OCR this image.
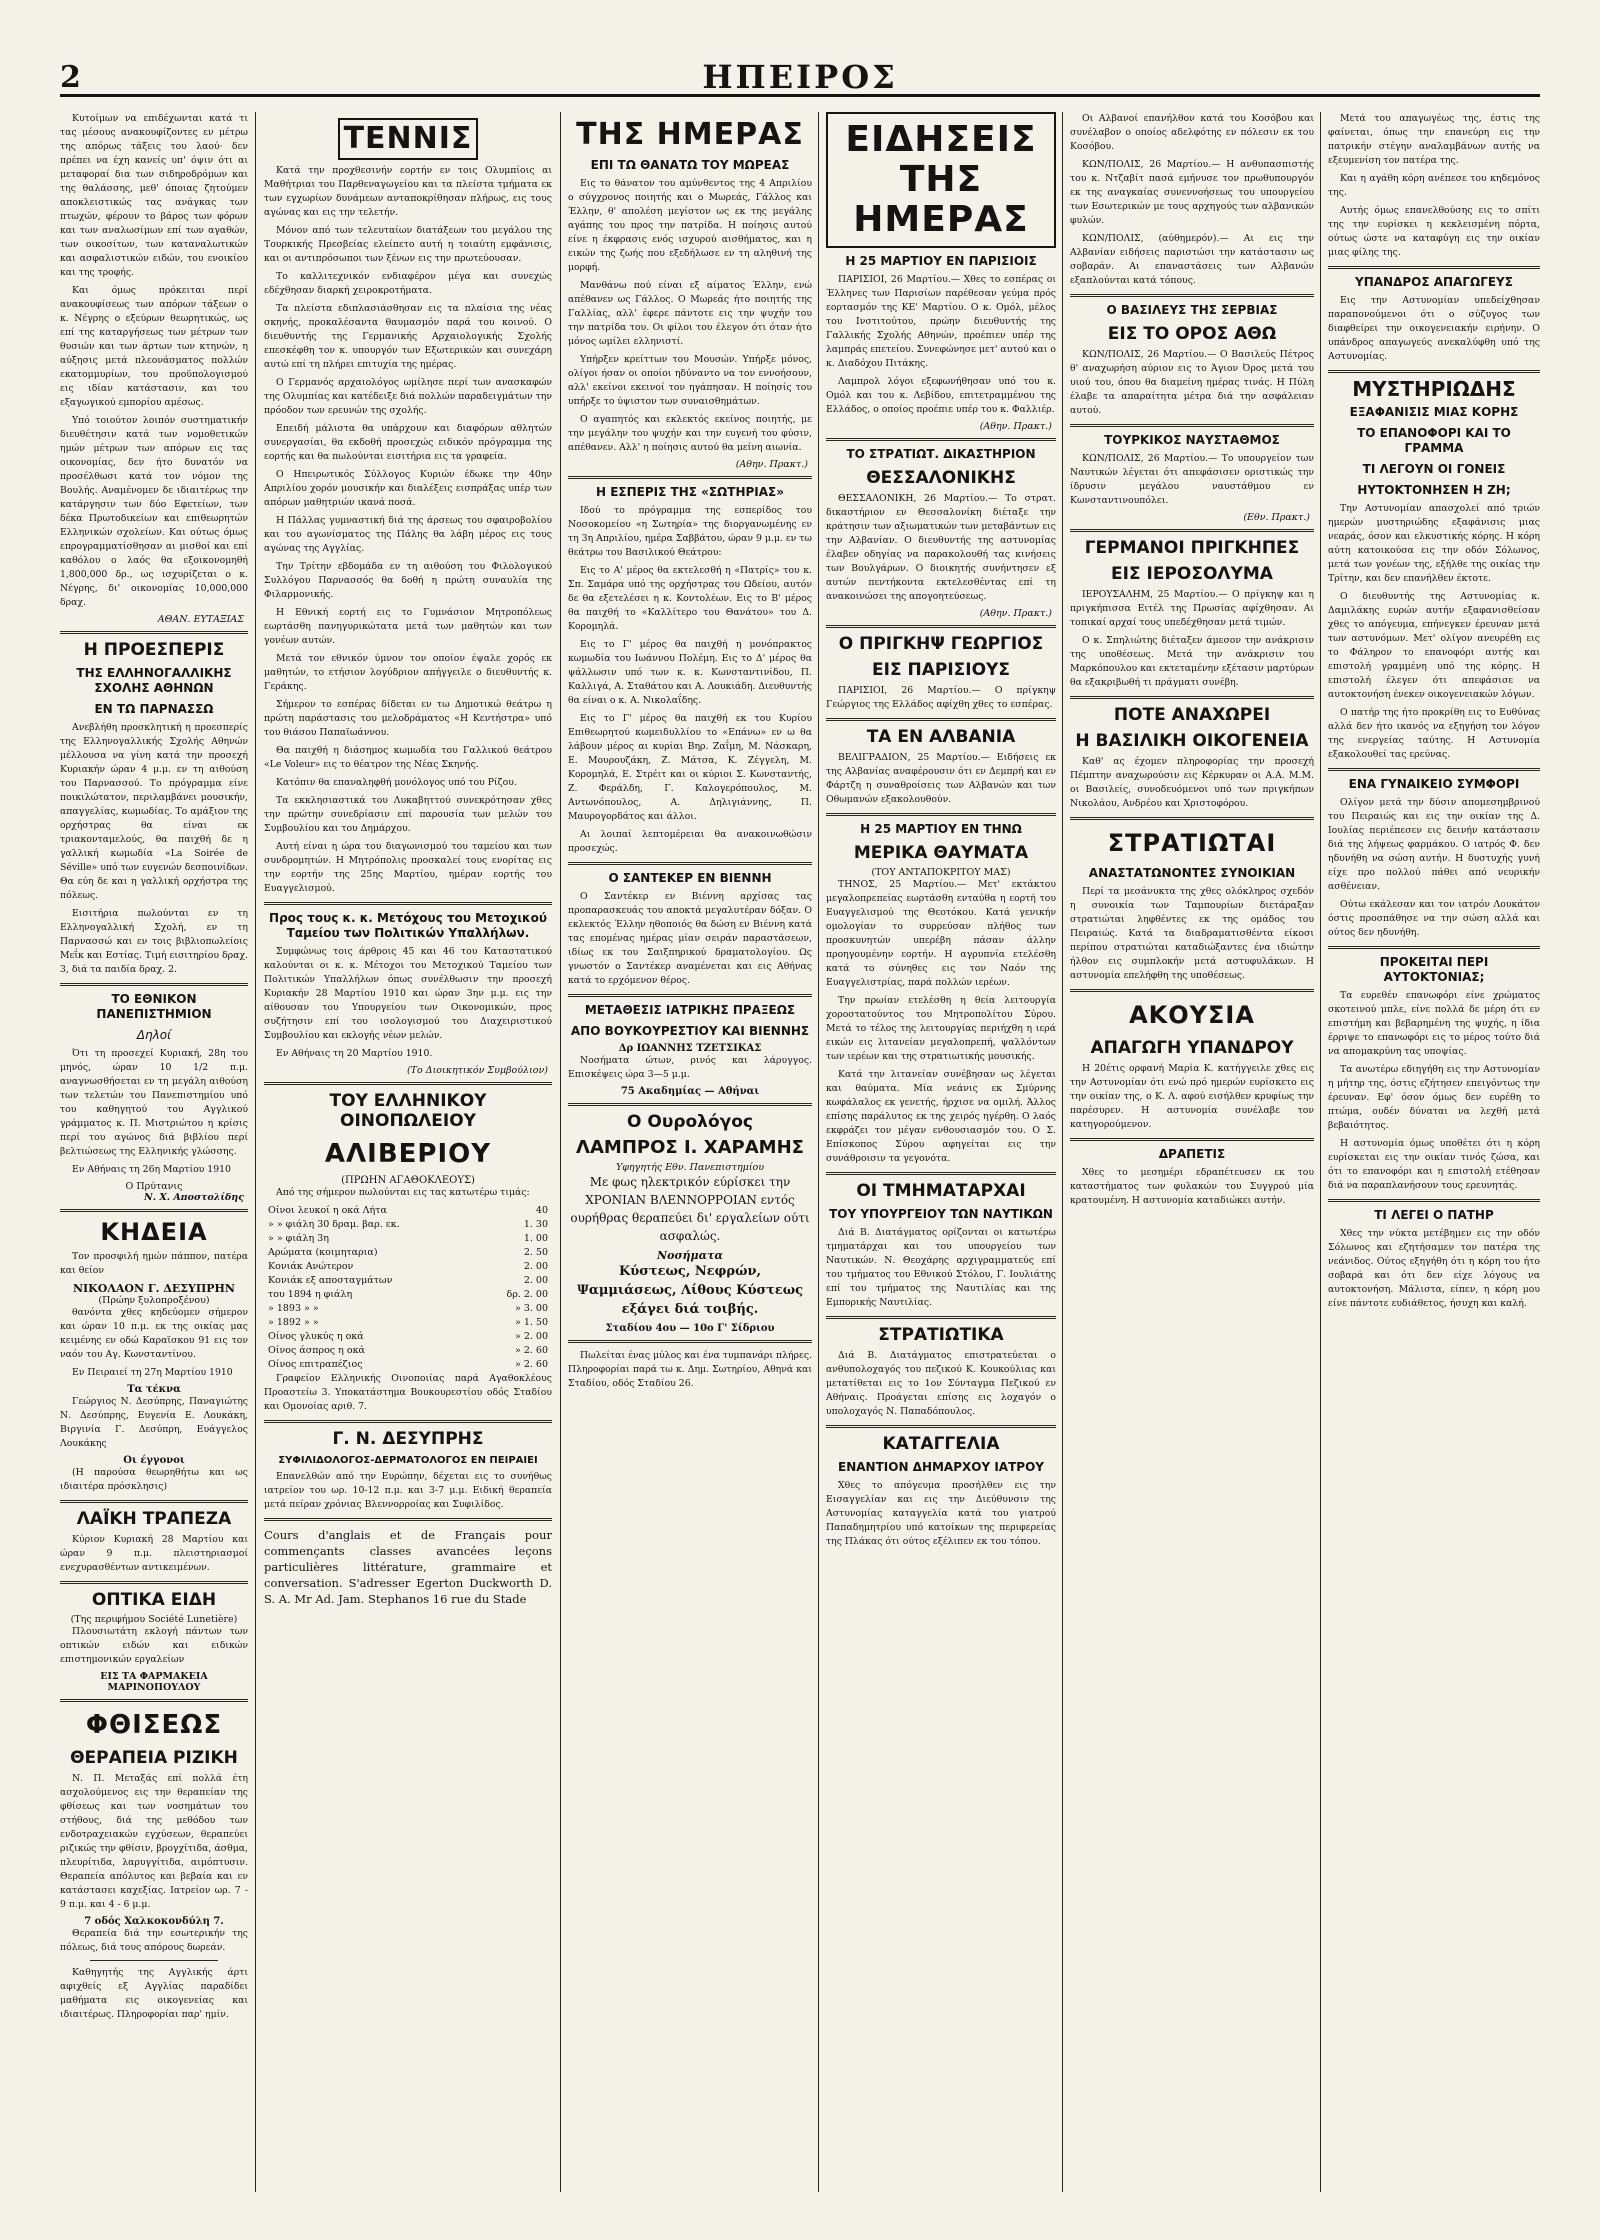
2	ΗΠΕΙΡΟΣ

Κυτοίμων να επιδέχωνται κατά τι τας μέσους ανακουφίζοντες εν μέτρω της απόρως τάξεις του λαού· δεν πρέπει να έχη κανείς υπ' όψιν ότι αι μεταφοραί δια των σιδηροδρόμων και της θαλάσσης, μεθ' όποιας ζητούμεν αποκλειστικώς τας ανάγκας των πτωχών, φέρουν το βάρος των φόρων και των αναλωσίμων επί των αγαθών, των οικοσίτων, των καταναλωτικών και ασφαλιστικών ειδών, του ενοικίου και της τροφής.

Και όμως πρόκειται περί ανακουφίσεως των απόρων τάξεων ο κ. Νέγρης ο εξεύρων θεωρητικώς, ως επί της καταργήσεως των μέτρων των θυσιών και των άρτων των κτηνών, η αύξησις μετά πλεονάσματος πολλών εκατομμυρίων, του προϋπολογισμού εις ιδίαν κατάστασιν, και του εξαγωγικού εμπορίου αμέσως.

Υπό τοιούτον λοιπόν συστηματικήν διευθέτησιν κατά των νομοθετικών ημών μέτρων των απόρων εις τας οικονομίας, δεν ήτο δυνατόν να προσέλθωσι κατά τον νόμον της Βουλής. Αναμένομεν δε ιδιαιτέρως την κατάργησιν των δύο Εφετείων, των δέκα Πρωτοδικείων και επιθεωρητών Ελληνικών σχολείων. Και ούτως όμως επρογραμματίσθησαν αι μισθοί και επί καθόλου ο λαός θα εξοικονομηθή 1,800,000 δρ., ως ισχυρίζεται ο κ. Νέγρης, δι' οικονομίας 10,000,000 δραχ.

ΑΘΑΝ. ΕΥΤΑΞΙΑΣ
Η ΠΡΟΕΣΠΕΡΙΣ
ΤΗΣ ΕΛΛΗΝΟΓΑΛΛΙΚΗΣ ΣΧΟΛΗΣ ΑΘΗΝΩΝ
ΕΝ ΤΩ ΠΑΡΝΑΣΣΩ

Ανεβλήθη προσκλητική η προεσπερίς της Ελληνογαλλικής Σχολής Αθηνών μέλλουσα να γίνη κατά την προσεχή Κυριακήν ώραν 4 μ.μ. εν τη αιθούση του Παρνασσού. Το πρόγραμμα είνε ποικιλώτατον, περιλαμβάνει μουσικήν, απαγγελίας, κωμωδίας. Το αμάξιον της ορχήστρας θα είναι εκ τριακονταμελούς, θα παιχθή δε η γαλλική κωμωδία «La Soirée de Séville» υπό των ευγενών δεσποινίδων. Θα εύη δε και η γαλλική ορχήστρα της πόλεως.

Εισιτήρια πωλούνται εν τη Ελληνογαλλική Σχολή, εν τη Παρνασσώ και εν τοις βιβλιοπωλείοις Μεΐκ και Εστίας. Τιμή εισιτηρίου δραχ. 3, διά τα παιδία δραχ. 2.

ΤΟ ΕΘΝΙΚΟΝ ΠΑΝΕΠΙΣΤΗΜΙΟΝ
Δηλοί

Ότι τη προσεχεί Κυριακή, 28η του μηνός, ώραν 10 1/2 π.μ. αναγνωσθήσεται εν τη μεγάλη αιθούση των τελετών του Πανεπιστημίου υπό του καθηγητού του Αγγλικού γράμματος κ. Π. Μιστριώτου η κρίσις περί του αγώνος διά βιβλίου περί βελτιώσεως της Ελληνικής γλώσσης.

Εν Αθήναις τη 26η Μαρτίου 1910
Ο Πρύτανις
Ν. Χ. Αποστολίδης
ΚΗΔΕΙΑ

Τον προσφιλή ημών πάππον, πατέρα και θείον

ΝΙΚΟΛΑΟΝ Γ. ΔΕΣΥΠΡΗΝ
(Πρώην ξυλοπροξένου)

θανόντα χθες κηδεύομεν σήμερον και ώραν 10 π.μ. εκ της οικίας μας κειμένης εν οδώ Καραϊσκου 91 εις τον ναόν του Αγ. Κωνσταντίνου.

Εν Πειραιεί τη 27η Μαρτίου 1910
Τα τέκνα

Γεώργιος Ν. Δεσύπρης, Παναγιώτης Ν. Δεσύπρης, Ευγενία Ε. Λουκάκη, Βιργινία Γ. Δεσύπρη, Ευάγγελος Λουκάκης

Οι έγγονοι

(Η παρούσα θεωρηθήτω και ως ιδιαιτέρα πρόσκλησις)

ΛΑΪΚΗ ΤΡΑΠΕΖΑ

Κύριον Κυριακή 28 Μαρτίου και ώραν 9 π.μ. πλειστηριασμοί ενεχυρασθέντων αντικειμένων.

ΟΠΤΙΚΑ ΕΙΔΗ
(Της περιφήμου Société Lunetière)

Πλουσιωτάτη εκλογή πάντων των οπτικών ειδών και ειδικών επιστημονικών εργαλείων

ΕΙΣ ΤΑ ΦΑΡΜΑΚΕΙΑ ΜΑΡΙΝΟΠΟΥΛΟΥ
ΦΘΙΣΕΩΣ
ΘΕΡΑΠΕΙΑ ΡΙΖΙΚΗ

Ν. Π. Μεταξάς επί πολλά έτη ασχολούμενος εις την θεραπείαν της φθίσεως και των νοσημάτων του στήθους, διά της μεθόδου των ενδοτραχειακών εγχύσεων, θεραπεύει ριζικώς την φθίσιν, βρογχίτιδα, άσθμα, πλευρίτιδα, λαρυγγίτιδα, αιμόπτυσιν. Θεραπεία απόλυτος και βεβαία και εν κατάστασει καχεξίας. Ιατρείον ωρ. 7 - 9 π.μ. και 4 - 6 μ.μ.

7 οδός Χαλκοκονδύλη 7.

Θεραπεία διά την εσωτερικήν της πόλεως, διά τους απόρους δωρεάν.

Καθηγητής της Αγγλικής άρτι αφιχθείς εξ Αγγλίας παραδίδει μαθήματα εις οικογενείας και ιδιαιτέρως. Πληροφορίαι παρ' ημίν.

ΤΕΝΝΙΣ

Κατά την προχθεσινήν εορτήν εν τοις Ολυμπίοις αι Μαθήτριαι του Παρθεναγωγείου και τα πλείστα τμήματα εκ των εγχωρίων δυνάμεων ανταποκρίθησαν πλήρως, εις τους αγώνας και εις την τελετήν.

Μόνον από των τελευταίων διατάξεων του μεγάλου της Τουρκικής Πρεσβείας ελείπετο αυτή η τοιαύτη εμφάνισις, και οι αντιπρόσωποι των ξένων εις την πρωτεύουσαν.

Το καλλιτεχνικόν ενδιαφέρον μέγα και συνεχώς εδέχθησαν διαρκή χειροκροτήματα.

Τα πλείστα εδιπλασιάσθησαν εις τα πλαίσια της νέας σκηνής, προκαλέσαντα θαυμασμόν παρά του κοινού. Ο διευθυντής της Γερμανικής Αρχαιολογικής Σχολής επεσκέφθη τον κ. υπουργόν των Εξωτερικών και συνεχάρη αυτώ επί τη πλήρει επιτυχία της ημέρας.

Ο Γερμανός αρχαιολόγος ωμίλησε περί των ανασκαφών της Ολυμπίας και κατέδειξε διά πολλών παραδειγμάτων την πρόοδον των ερευνών της σχολής.

Επειδή μάλιστα θα υπάρχουν και διαφόρων αθλητών συνεργασίαι, θα εκδοθή προσεχώς ειδικόν πρόγραμμα της εορτής και θα πωλούνται εισιτήρια εις τα γραφεία.

Ο Ηπειρωτικός Σύλλογος Κυριών έδωκε την 40ην Απριλίου χορόν μουσικήν και διαλέξεις εισπράξας υπέρ των απόρων μαθητριών ικανά ποσά.

Η Πάλλας γυμναστική διά της άρσεως του σφαιροβολίου και του αγωνίσματος της Πάλης θα λάβη μέρος εις τους αγώνας της Αγγλίας.

Την Τρίτην εβδομάδα εν τη αιθούση του Φιλολογικού Συλλόγου Παρνασσός θα δοθή η πρώτη συναυλία της Φιλαρμονικής.

Η Εθνική εορτή εις το Γυμνάσιον Μητροπόλεως εωρτάσθη πανηγυρικώτατα μετά των μαθητών και των γονέων αυτών.

Μετά τον εθνικόν ύμνον τον οποίον έψαλε χορός εκ μαθητών, το ετήσιον λογύδριον απήγγειλε ο διευθυντής κ. Γεράκης.

Σήμερον το εσπέρας δίδεται εν τω Δημοτικώ θεάτρω η πρώτη παράστασις του μελοδράματος «Η Κεντήστρα» υπό του θιάσου Παπαϊωάννου.

Θα παιχθή η διάσημος κωμωδία του Γαλλικού θεάτρου «Le Voleur» εις το θέατρον της Νέας Σκηνής.

Κατόπιν θα επαναληφθή μονόλογος υπό του Ρίζου.

Τα εκκλησιαστικά του Λυκαβηττού συνεκρότησαν χθες την πρώτην συνεδρίασιν επί παρουσία των μελών του Συμβουλίου και του Δημάρχου.

Αυτή είναι η ώρα του διαγωνισμού του ταμείου και των συνδρομητών. Η Μητρόπολις προσκαλεί τους ενορίτας εις την εορτήν της 25ης Μαρτίου, ημέραν εορτής του Ευαγγελισμού.

Προς τους κ. κ. Μετόχους του Μετοχικού Ταμείου των Πολιτικών Υπαλλήλων.

Συμφώνως τοις άρθροις 45 και 46 του Καταστατικού καλούνται οι κ. κ. Μέτοχοι του Μετοχικού Ταμείου των Πολιτικών Υπαλλήλων όπως συνέλθωσιν την προσεχή Κυριακήν 28 Μαρτίου 1910 και ώραν 3ην μ.μ. εις την αίθουσαν του Υπουργείου των Οικονομικών, προς συζήτησιν επί του ισολογισμού του Διαχειριστικού Συμβουλίου και εκλογής νέων μελών.

Εν Αθήναις τη 20 Μαρτίου 1910.
(Το Διοικητικόν Συμβούλιον)
ΤΟΥ ΕΛΛΗΝΙΚΟΥ ΟΙΝΟΠΩΛΕΙΟΥ
ΑΛΙΒΕΡΙΟΥ
(ΠΡΩΗΝ ΑΓΑΘΟΚΛΕΟΥΣ)

Από της σήμερον πωλούνται εις τας κατωτέρω τιμάς:

Οίνοι λευκοί η οκά Λήτα	40
» » φιάλη 30 δραμ. βαρ. εκ.	1. 30
» » φιάλη 3η	1. 00
Αρώματα (κοιμηταρια)	2. 50
Κονιάκ Ανώτερον	2. 00
Κονιάκ εξ αποσταγμάτων	2. 00
του 1894 η φιάλη	δρ. 2. 00
» 1893 » »	» 3. 00
» 1892 » »	» 1. 50
Οίνος γλυκύς η οκά	» 2. 00
Οίνος άσπρος η οκά	» 2. 60
Οίνος επιτραπέζιος	» 2. 60

Γραφείον Ελληνικής Οινοποιίας παρά Αγαθοκλέους Προαστείω 3. Υποκατάστημα Βουκουρεστίου οδός Σταδίου και Ομονοίας αριθ. 7.

Γ. Ν. ΔΕΣΥΠΡΗΣ
ΣΥΦΙΛΙΔΟΛΟΓΟΣ-ΔΕΡΜΑΤΟΛΟΓΟΣ ΕΝ ΠΕΙΡΑΙΕΙ

Επανελθών από την Ευρώπην, δέχεται εις το συνήθως ιατρείον του ωρ. 10-12 π.μ. και 3-7 μ.μ. Ειδική θεραπεία μετά πείραν χρόνιας Βλεννορροίας και Συφιλίδος.

Cours d'anglais et de Français pour commençants classes avancées leçons particulières littérature, grammaire et conversation. S'adresser Egerton Duckworth D. S. A. Mr Ad. Jam. Stephanos 16 rue du Stade

ΤΗΣ ΗΜΕΡΑΣ
ΕΠΙ ΤΩ ΘΑΝΑΤΩ ΤΟΥ ΜΩΡΕΑΣ

Εις το θάνατον του αμύνθεντος της 4 Απριλίου ο σύγχρονος ποιητής και ο Μωρεάς, Γάλλος και Έλλην, θ' απολέση μεγίστον ως εκ της μεγάλης αγάπης του προς την πατρίδα. Η ποίησις αυτού είνε η έκφρασις ενός ισχυρού αισθήματος, και η εικών της ζωής που εξεδήλωσε εν τη αληθινή της μορφή.

Μανθάνω πού είναι εξ αίματος Έλλην, ενώ απέθανεν ως Γάλλος. Ο Μωρεάς ήτο ποιητής της Γαλλίας, αλλ' έφερε πάντοτε εις την ψυχήν του την πατρίδα του. Οι φίλοι του έλεγον ότι όταν ήτο μόνος ωμίλει ελληνιστί.

Υπήρξεν κρείττων του Μουσών. Υπήρξε μόνος, ολίγοι ήσαν οι οποίοι ηδύναντο να τον εννοήσουν, αλλ' εκείνοι εκεινοί τον ηγάπησαν. Η ποίησίς του υπήρξε το ύψιστον των συναισθημάτων.

Ο αγαπητός και εκλεκτός εκείνος ποιητής, με την μεγάλην του ψυχήν και την ευγενή του φύσιν, απέθανεν. Αλλ' η ποίησις αυτού θα μείνη αιωνία.

(Αθην. Πρακτ.)
Η ΕΣΠΕΡΙΣ ΤΗΣ «ΣΩΤΗΡΙΑΣ»

Ιδού το πρόγραμμα της εσπερίδος του Νοσοκομείου «η Σωτηρία» της διοργανωμένης εν τη 3η Απριλίου, ημέρα Σαββάτου, ώραν 9 μ.μ. εν τω θεάτρω του Βασιλικού Θεάτρου:

Εις το Α' μέρος θα εκτελεσθή η «Πατρίς» του κ. Σπ. Σαμάρα υπό της ορχήστρας του Ωδείου, αυτόν δε θα εξετελέσει η κ. Κοντολέων. Εις το Β' μέρος θα παιχθή το «Καλλίτερο του Θανάτου» του Δ. Κορομηλά.

Εις το Γ' μέρος θα παιχθή η μονόπρακτος κωμωδία του Ιωάννου Πολέμη. Εις το Δ' μέρος θα ψάλλωσιν υπό των κ. κ. Κωνσταντινίδου, Π. Καλλιγά, Α. Σταθάτου και Α. Λουκιάδη. Διευθυντής θα είναι ο κ. Α. Νικολαΐδης.

Εις το Γ' μέρος θα παιχθή εκ του Κυρίου Επιθεωρητού κωμειδυλλίου το «Επάνω» εν ω θα λάβουν μέρος αι κυρίαι Βηρ. Ζαΐμη, Μ. Νάσκαρη, Ε. Μουρουζάκη, Ζ. Μάτσα, Κ. Ζέγγελη, Μ. Κορομηλά, Ε. Στρέιτ και οι κύριοι Σ. Κωνσταντής, Ζ. Φεράλδη, Γ. Καλογερόπουλος, Μ. Αντωνόπουλος, Α. Δηλιγιάννης, Π. Μαυρογορδάτος και άλλοι.

Αι λοιπαί λεπτομέρειαι θα ανακοινωθώσιν προσεχώς.

Ο ΣΑΝΤΕΚΕΡ ΕΝ ΒΙΕΝΝΗ

Ο Σαντέκερ εν Βιέννη αρχίσας τας προπαρασκευάς του αποκτά μεγαλυτέραν δόξαν. Ο εκλεκτός Έλλην ηθοποιός θα δώση εν Βιέννη κατά τας επομένας ημέρας μίαν σειράν παραστάσεων, ιδίως εκ του Σαιξπηρικού δραματολογίου. Ως γνωστόν ο Σαντέκερ αναμένεται και εις Αθήνας κατά το ερχόμενον θέρος.

ΜΕΤΑΘΕΣΙΣ ΙΑΤΡΙΚΗΣ ΠΡΑΞΕΩΣ
ΑΠΟ ΒΟΥΚΟΥΡΕΣΤΙΟΥ ΚΑΙ ΒΙΕΝΝΗΣ
Δρ ΙΩΑΝΝΗΣ ΤΖΕΤΣΙΚΑΣ

Νοσήματα ώτων, ρινός και λάρυγγος. Επισκέψεις ώρα 3—5 μ.μ.

75 Ακαδημίας — Αθήναι
Ο Ουρολόγος
ΛΑΜΠΡΟΣ Ι. ΧΑΡΑΜΗΣ
Υφηγητής Εθν. Πανεπιστημίου

Με φως ηλεκτρικόν εύρίσκει την ΧΡΟΝΙΑΝ ΒΛΕΝΝΟΡΡΟΙΑΝ εντός ουρήθρας θεραπεύει δι' εργαλείων ούτι ασφαλώς.

Νοσήματα

Κύστεως, Νεφρών, Ψαμμιάσεως, Λίθους Κύστεως εξάγει διά τοιβής.

Σταδίου 4ου — 10ο Γ' Σίδριου

Πωλείται ένας μύλος και ένα τυμπανάρι πλήρες. Πληροφορίαι παρά τω κ. Δημ. Σωτηρίου, Αθηνά και Σταδίου, οδός Σταδίου 26.

ΕΙΔΗΣΕΙΣ ΤΗΣ ΗΜΕΡΑΣ
Η 25 ΜΑΡΤΙΟΥ ΕΝ ΠΑΡΙΣΙΟΙΣ

ΠΑΡΙΣΙΟΙ, 26 Μαρτίου.— Χθες το εσπέρας οι Έλληνες των Παρισίων παρέθεσαν γεύμα πρός εορτασμόν της ΚΕ' Μαρτίου. Ο κ. Ομόλ, μέλος του Ινστιτούτου, πρώην διευθυντής της Γαλλικής Σχολής Αθηνών, προέπιεν υπέρ της λαμπράς επετείου. Συνεφώνησε μετ' αυτού και ο κ. Διαδόχου Πιτάκης.

Λαμπρολ λόγοι εξεφωνήθησαν υπό του κ. Ομόλ και του κ. Λεβίδου, επιτετραμμένου της Ελλάδος, ο οποίος προέπιε υπέρ του κ. Φαλλιέρ.

(Αθην. Πρακτ.)
ΤΟ ΣΤΡΑΤΙΩΤ. ΔΙΚΑΣΤΗΡΙΟΝ
ΘΕΣΣΑΛΟΝΙΚΗΣ

ΘΕΣΣΑΛΟΝΙΚΗ, 26 Μαρτίου.— Το στρατ. δικαστήριον εν Θεσσαλονίκη διέταξε την κράτησιν των αξιωματικών των μεταβάντων εις την Αλβανίαν. Ο διευθυντής της αστυνομίας έλαβεν οδηγίας να παρακολουθή τας κινήσεις των Βουλγάρων. Ο διοικητής συνήντησεν εξ αυτών πεντήκοντα εκτελεσθέντας επί τη ανακοινώσει της απογοητεύσεως.

(Αθην. Πρακτ.)
Ο ΠΡΙΓΚΗΨ ΓΕΩΡΓΙΟΣ
ΕΙΣ ΠΑΡΙΣΙΟΥΣ

ΠΑΡΙΣΙΟΙ, 26 Μαρτίου.— Ο πρίγκηψ Γεώργιος της Ελλάδος αφίχθη χθες το εσπέρας.

ΤΑ ΕΝ ΑΛΒΑΝΙΑ

ΒΕΛΙΓΡΑΔΙΟΝ, 25 Μαρτίου.— Ειδήσεις εκ της Αλβανίας αναφέρουσιν ότι εν Δεμπρή και εν Φάρτζη η συναθροίσεις των Αλβανών και των Οθωμανών εξακολουθούν.

Η 25 ΜΑΡΤΙΟΥ ΕΝ ΤΗΝΩ
ΜΕΡΙΚΑ ΘΑΥΜΑΤΑ
(ΤΟΥ ΑΝΤΑΠΟΚΡΙΤΟΥ ΜΑΣ)

ΤΗΝΟΣ, 25 Μαρτίου.— Μετ' εκτάκτου μεγαλοπρεπείας εωρτάσθη ενταύθα η εορτή του Ευαγγελισμού της Θεοτόκου. Κατά γενικήν ομολογίαν το συρρεύσαν πλήθος των προσκυνητών υπερέβη πάσαν άλλην προηγουμένην εορτήν. Η αγρυπνία ετελέσθη κατά το σύνηθες εις τον Ναόν της Ευαγγελιστρίας, παρά πολλών ιερέων.

Την πρωίαν ετελέσθη η θεία λειτουργία χοροστατούντος του Μητροπολίτου Σύρου. Μετά το τέλος της λειτουργίας περιήχθη η ιερά εικών εις λιτανείαν μεγαλοπρεπή, ψαλλόντων των ιερέων και της στρατιωτικής μουσικής.

Κατά την λιτανείαν συνέβησαν ως λέγεται και θαύματα. Μία νεάνις εκ Σμύρνης κωφάλαλος εκ γενετής, ήρχισε να ομιλή. Άλλος επίσης παράλυτος εκ της χειρός ηγέρθη. Ο λαός εκφράζει τον μέγαν ενθουσιασμόν του. Ο Σ. Επίσκοπος Σύρου αφηγείται εις την συνάθροισιν τα γεγονότα.

ΟΙ ΤΜΗΜΑΤΑΡΧΑΙ
ΤΟΥ ΥΠΟΥΡΓΕΙΟΥ ΤΩΝ ΝΑΥΤΙΚΩΝ

Διά Β. Διατάγματος ορίζονται οι κατωτέρω τμηματάρχαι και του υπουργείου των Ναυτικών. Ν. Θεοχάρης αρχιγραμματεύς επί του τμήματος του Εθνικού Στόλου, Γ. Ιουλιάτης επί του τμήματος της Ναυτιλίας και της Εμπορικής Ναυτιλίας.

ΣΤΡΑΤΙΩΤΙΚΑ

Διά Β. Διατάγματος επιστρατεύεται ο ανθυπολοχαγός του πεζικού Κ. Κουκούλιας και μετατίθεται εις το 1ον Σύνταγμα Πεζικού εν Αθήναις. Προάγεται επίσης εις λοχαγόν ο υπολοχαγός Ν. Παπαδόπουλος.

ΚΑΤΑΓΓΕΛΙΑ
ΕΝΑΝΤΙΟΝ ΔΗΜΑΡΧΟΥ ΙΑΤΡΟΥ

Χθες το απόγευμα προσήλθεν εις την Εισαγγελίαν και εις την Διεύθυνσιν της Αστυνομίας καταγγελία κατά του γιατρού Παπαδημητρίου υπό κατοίκων της περιφερείας της Πλάκας ότι ούτος εξέλιπεν εκ του τόπου.

Οι Αλβανοί επανήλθον κατά του Κοσόβου και συνέλαβον ο οποίος αδελφότης εν πόλεσιν εκ του Κοσόβου.

ΚΩΝ/ΠΟΛΙΣ, 26 Μαρτίου.— Η ανθυπασπιστής του κ. Ντζαβίτ πασά εμήνυσε τον πρωθυπουργόν εκ της αναγκαίας συνεννοήσεως του υπουργείου των Εσωτερικών με τους αρχηγούς των αλβανικών φυλών.

ΚΩΝ/ΠΟΛΙΣ, (αύθημερόν).— Αι εις την Αλβανίαν ειδήσεις παριστώσι την κατάστασιν ως σοβαράν. Αι επαναστάσεις των Αλβανών εξαπλούνται κατά τόπους.

Ο ΒΑΣΙΛΕΥΣ ΤΗΣ ΣΕΡΒΙΑΣ
ΕΙΣ ΤΟ ΟΡΟΣ ΑΘΩ

ΚΩΝ/ΠΟΛΙΣ, 26 Μαρτίου.— Ο Βασιλεύς Πέτρος θ' αναχωρήση αύριον εις το Άγιον Όρος μετά του υιού του, όπου θα διαμείνη ημέρας τινάς. Η Πύλη έλαβε τα απαραίτητα μέτρα διά την ασφάλειαν αυτού.

ΤΟΥΡΚΙΚΟΣ ΝΑΥΣΤΑΘΜΟΣ

ΚΩΝ/ΠΟΛΙΣ, 26 Μαρτίου.— Το υπουργείον των Ναυτικών λέγεται ότι απεφάσισεν οριστικώς την ίδρυσιν μεγάλου ναυστάθμου εν Κωνσταντινουπόλει.

(Εθν. Πρακτ.)
ΓΕΡΜΑΝΟΙ ΠΡΙΓΚΗΠΕΣ
ΕΙΣ ΙΕΡΟΣΟΛΥΜΑ

ΙΕΡΟΥΣΑΛΗΜ, 25 Μαρτίου.— Ο πρίγκηψ και η πριγκήπισσα Ειτέλ της Πρωσίας αφίχθησαν. Αι τοπικαί αρχαί τους υπεδέχθησαν μετά τιμών.

Ο κ. Σπηλιώτης διέταξεν άμεσον την ανάκρισιν της υποθέσεως. Μετά την ανάκρισιν του Μαρκόπουλου και εκτεταμένην εξέτασιν μαρτύρων θα εξακριβωθή τι πράγματι συνέβη.

ΠΟΤΕ ΑΝΑΧΩΡΕΙ
Η ΒΑΣΙΛΙΚΗ ΟΙΚΟΓΕΝΕΙΑ

Καθ' ας έχομεν πληροφορίας την προσεχή Πέμπτην αναχωρούσιν εις Κέρκυραν οι Α.Α. Μ.Μ. οι Βασιλείς, συνοδευόμενοι υπό των πριγκήπων Νικολάου, Ανδρέου και Χριστοφόρου.

ΣΤΡΑΤΙΩΤΑΙ
ΑΝΑΣΤΑΤΩΝΟΝΤΕΣ ΣΥΝΟΙΚΙΑΝ

Περί τα μεσάνυκτα της χθες ολόκληρος σχεδόν η συνοικία των Ταμπουρίων διετάραξαν στρατιώται ληφθέντες εκ της ομάδος του Πειραιώς. Κατά τα διαδραματισθέντα είκοσι περίπου στρατιώται καταδιώξαντες ένα ιδιώτην ήλθον εις συμπλοκήν μετά αστυφυλάκων. Η αστυνομία επελήφθη της υποθέσεως.

ΑΚΟΥΣΙΑ
ΑΠΑΓΩΓΗ ΥΠΑΝΔΡΟΥ

Η 20έτις ορφανή Μαρία Κ. κατήγγειλε χθες εις την Αστυνομίαν ότι ενώ πρό ημερών ευρίσκετο εις την οικίαν της, ο Κ. Λ. αφού εισήλθεν κρυφίως την παρέσυρεν. Η αστυνομία συνέλαβε τον κατηγορούμενον.

ΔΡΑΠΕΤΙΣ

Χθες το μεσημέρι εδραπέτευσεν εκ του καταστήματος των φυλακών του Συγγρού μία κρατουμένη. Η αστυνομία καταδιώκει αυτήν.

Μετά του απαγωγέως της, έστις της φαίνεται, όπως την επανεύρη εις την πατρικήν στέγην αναλαμβάνων αυτής να εξευμενίση τον πατέρα της.

Και η αγάθη κόρη ανέπεσε του κηδεμόνος της.

Αυτής όμως επανελθούσης εις το σπίτι της την ευρίσκει η κεκλεισμένη πόρτα, ούτως ώστε να καταφύγη εις την οικίαν μιας φίλης της.

ΥΠΑΝΔΡΟΣ ΑΠΑΓΩΓΕΥΣ

Εις την Αστυνομίαν υπεδείχθησαν παραπονούμενοι ότι ο σύζυγος των διαφθείρει την οικογενειακήν ειρήνην. Ο υπάνδρος απαγωγεύς ανεκαλύφθη υπό της Αστυνομίας.

ΜΥΣΤΗΡΙΩΔΗΣ
ΕΞΑΦΑΝΙΣΙΣ ΜΙΑΣ ΚΟΡΗΣ
ΤΟ ΕΠΑΝΟΦΟΡΙ ΚΑΙ ΤΟ ΓΡΑΜΜΑ
ΤΙ ΛΕΓΟΥΝ ΟΙ ΓΟΝΕΙΣ
ΗΥΤΟΚΤΟΝΗΣΕΝ Η ΖΗ;

Την Αστυνομίαν απασχολεί από τριών ημερών μυστηριώδης εξαφάνισις μιας νεαράς, όσον και ελκυστικής κόρης. Η κόρη αύτη κατοικούσα εις την οδόν Σόλωνος, μετά των γονέων της, εξήλθε της οικίας την Τρίτην, και δεν επανήλθεν έκτοτε.

Ο διευθυντής της Αστυνομίας κ. Δαμιλάκης ευρών αυτήν εξαφανισθείσαν χθες το απόγευμα, επήνεγκεν έρευναν μετά των αστυνόμων. Μετ' ολίγον ανευρέθη εις το Φάληρον το επανοφόρι αυτής και επιστολή γραμμένη υπό της κόρης. Η επιστολή έλεγεν ότι απεφάσισε να αυτοκτονήση ένεκεν οικογενειακών λόγων.

Ο πατήρ της ήτο προκρίθη εις το Ευθύνας αλλά δεν ήτο ικανός να εξηγήση τον λόγον της ενεργείας ταύτης. Η Αστυνομία εξακολουθεί τας ερεύνας.

ΕΝΑ ΓΥΝΑΙΚΕΙΟ ΣΥΜΦΟΡΙ

Ολίγον μετά την δύσιν απομεσημβρινού του Πειραιώς και εις την οικίαν της Δ. Ιουλίας περιέπεσεν εις δεινήν κατάστασιν διά της λήψεως φαρμάκου. Ο ιατρός Φ. δεν ηδυνήθη να σώση αυτήν. Η δυστυχής γυνή είχε προ πολλού πάθει από νευρικήν ασθένειαν.

Ούτω εκάλεσαν και τον ιατρόν Λουκάτον όστις προσπάθησε να την σώση αλλά και ούτος δεν ηδυνήθη.

ΠΡΟΚΕΙΤΑΙ ΠΕΡΙ ΑΥΤΟΚΤΟΝΙΑΣ;

Τα ευρεθέν επανωφόρι είνε χρώματος σκοτεινού μπλε, είνε πολλά δε μέρη ότι εν επιστήμη και βεβαρημένη της ψυχής, η ίδια έρριψε το επανωφόρι εις το μέρος τούτο διά να απομακρύνη τας υποψίας.

Τα ανωτέρω εδιηγήθη εις την Αστυνομίαν η μήτηρ της, όστις εζήτησεν επειγόντως την έρευναν. Εφ' όσον όμως δεν ευρέθη το πτώμα, ουδέν δύναται να λεχθή μετά βεβαιότητος.

Η αστυνομία όμως υποθέτει ότι η κόρη ευρίσκεται εις την οικίαν τινός ζώσα, και ότι το επανοφόρι και η επιστολή ετέθησαν διά να παραπλανήσουν τους ερευνητάς.

ΤΙ ΛΕΓΕΙ Ο ΠΑΤΗΡ

Χθες την νύκτα μετέβημεν εις την οδόν Σόλωνος και εζητήσαμεν τον πατέρα της νεάνιδος. Ούτος εξηγήθη ότι η κόρη του ήτο σοβαρά και ότι δεν είχε λόγους να αυτοκτονήση. Μάλιστα, είπεν, η κόρη μου είνε πάντοτε ευδιάθετος, ήσυχη και καλή.
